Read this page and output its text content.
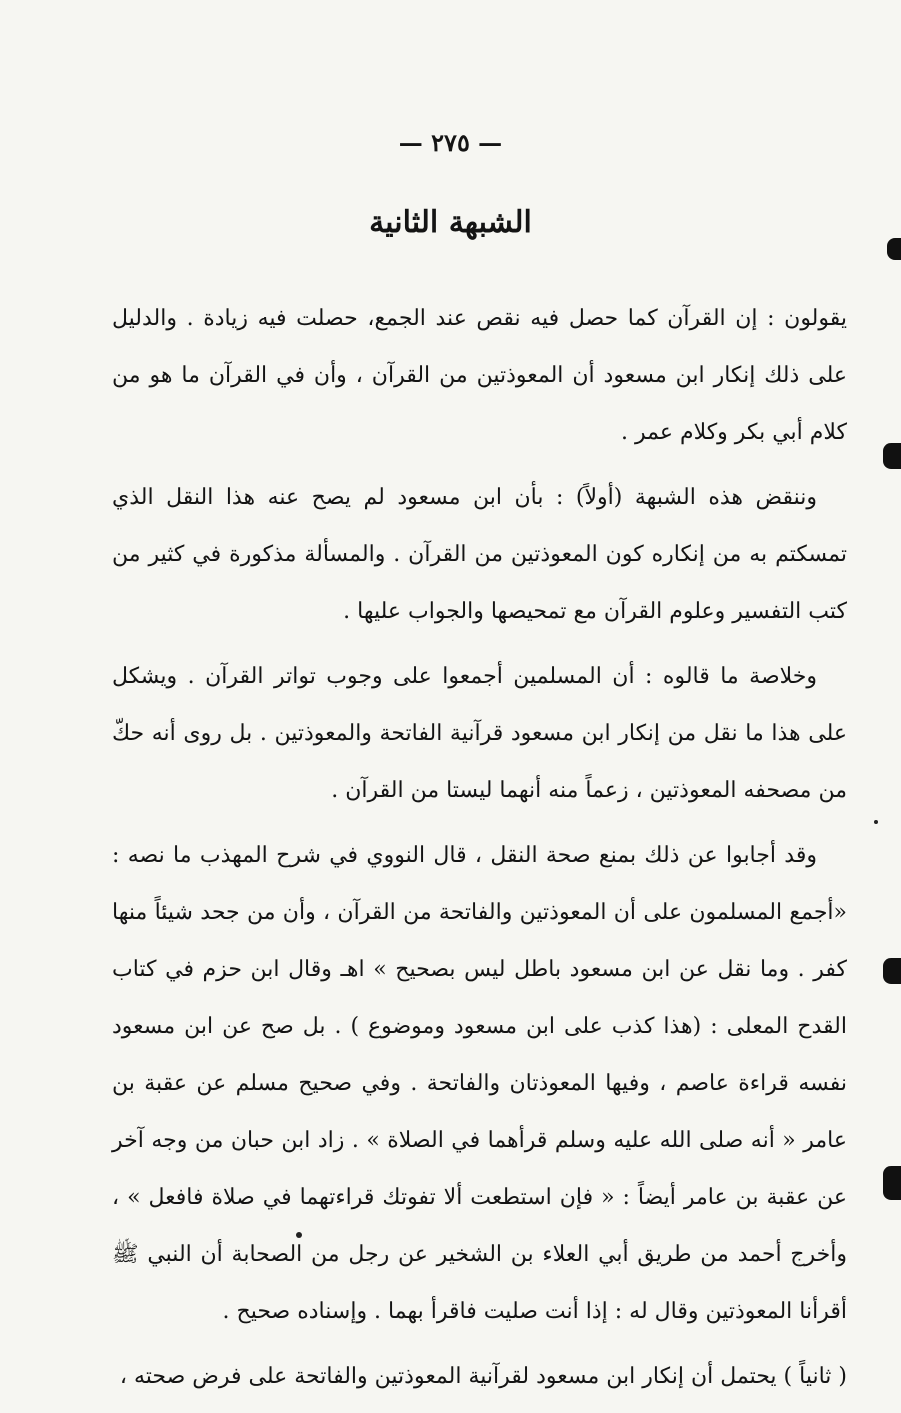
— ٢٧٥ —
الشبهة الثانية

يقولون : إن القرآن كما حصل فيه نقص عند الجمع، حصلت فيه زيادة . والدليل على ذلك إنكار ابن مسعود أن المعوذتين من القرآن ، وأن في القرآن ما هو من كلام أبي بكر وكلام عمر .

وننقض هذه الشبهة (أولاً) : بأن ابن مسعود لم يصح عنه هذا النقل الذي تمسكتم به من إنكاره كون المعوذتين من القرآن . والمسألة مذكورة في كثير من كتب التفسير وعلوم القرآن مع تمحيصها والجواب عليها .

وخلاصة ما قالوه : أن المسلمين أجمعوا على وجوب تواتر القرآن . ويشكل على هذا ما نقل من إنكار ابن مسعود قرآنية الفاتحة والمعوذتين . بل روى أنه حكّ من مصحفه المعوذتين ، زعماً منه أنهما ليستا من القرآن .

وقد أجابوا عن ذلك بمنع صحة النقل ، قال النووي في شرح المهذب ما نصه : «أجمع المسلمون على أن المعوذتين والفاتحة من القرآن ، وأن من جحد شيئاً منها كفر . وما نقل عن ابن مسعود باطل ليس بصحيح » اهـ وقال ابن حزم في كتاب القدح المعلى : (هذا كذب على ابن مسعود وموضوع ) . بل صح عن ابن مسعود نفسه قراءة عاصم ، وفيها المعوذتان والفاتحة . وفي صحيح مسلم عن عقبة بن عامر « أنه صلى الله عليه وسلم قرأهما في الصلاة » . زاد ابن حبان من وجه آخر عن عقبة بن عامر أيضاً : « فإن استطعت ألا تفوتك قراءتهما في صلاة فافعل » ، وأخرج أحمد من طريق أبي العلاء بن الشخير عن رجل من الصحابة أن النبي ﷺ أقرأنا المعوذتين وقال له : إذا أنت صليت فاقرأ بهما . وإسناده صحيح .

( ثانياً ) يحتمل أن إنكار ابن مسعود لقرآنية المعوذتين والفاتحة على فرض صحته ،
